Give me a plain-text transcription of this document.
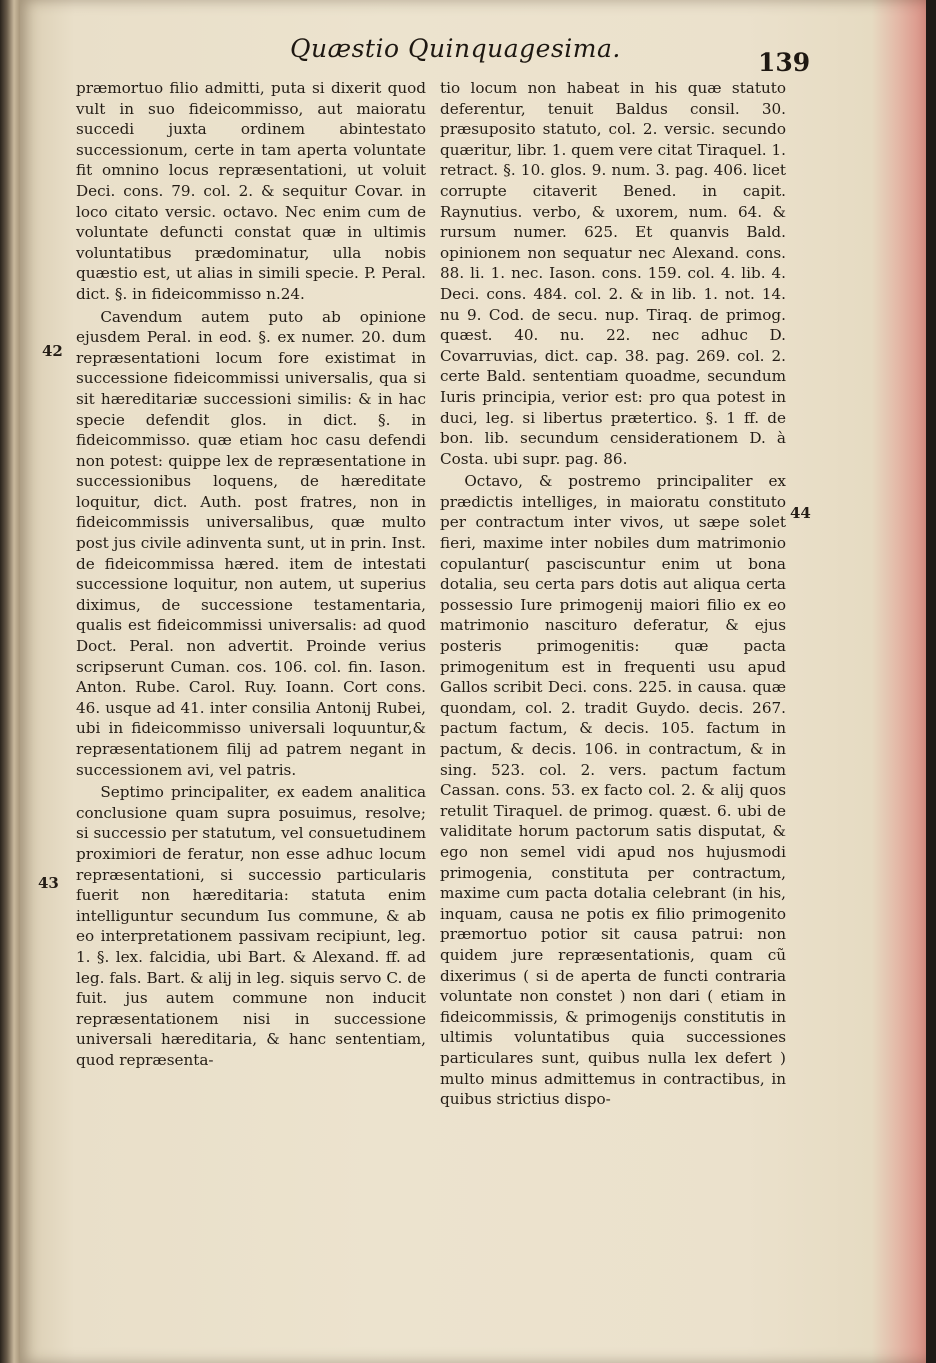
Quæstio Quinquagesima.	139

præmortuo filio admitti, puta si dixerit quod vult in suo fideicommisso, aut maioratu succedi juxta ordinem abintestato successionum, certe in tam aperta voluntate fit omnino locus repræsentationi, ut voluit Deci. cons. 79. col. 2. & sequitur Covar. in loco citato versic. octavo. Nec enim cum de voluntate defuncti constat quæ in ultimis voluntatibus prædominatur, ulla nobis quæstio est, ut alias in simili specie. P. Peral. dict. §. in fideicommisso n.24.

Cavendum autem puto ab opinione ejusdem Peral. in eod. §. ex numer. 20. dum repræsentationi locum fore existimat in successione fideicommissi universalis, qua si sit hæreditariæ successioni similis: & in hac specie defendit glos. in dict. §. in fideicommisso. quæ etiam hoc casu defendi non potest: quippe lex de repræsentatione in successionibus loquens, de hæreditate loquitur, dict. Auth. post fratres, non in fideicommissis universalibus, quæ multo post jus civile adinventa sunt, ut in prin. Inst. de fideicommissa hæred. item de intestati successione loquitur, non autem, ut superius diximus, de successione testamentaria, qualis est fideicommissi universalis: ad quod Doct. Peral. non advertit. Proinde verius scripserunt Cuman. cos. 106. col. fin. Iason. Anton. Rube. Carol. Ruy. Ioann. Cort cons. 46. usque ad 41. inter consilia Antonij Rubei, ubi in fideicommisso universali loquuntur,& repræsentationem filij ad patrem negant in successionem avi, vel patris.

Septimo principaliter, ex eadem analitica conclusione quam supra posuimus, resolve; si successio per statutum, vel consuetudinem proximiori de feratur, non esse adhuc locum repræsentationi, si successio particularis fuerit non hæreditaria: statuta enim intelliguntur secundum Ius commune, & ab eo interpretationem passivam recipiunt, leg. 1. §. lex. falcidia, ubi Bart. & Alexand. ff. ad leg. fals. Bart. & alij in leg. siquis servo C. de fuit. jus autem commune non inducit repræsentationem nisi in successione universali hæreditaria, & hanc sententiam, quod repræsenta-

tio locum non habeat in his quæ statuto deferentur, tenuit Baldus consil. 30. præsuposito statuto, col. 2. versic. secundo quæritur, libr. 1. quem vere citat Tiraquel. 1. retract. §. 10. glos. 9. num. 3. pag. 406. licet corrupte citaverit Bened. in capit. Raynutius. verbo, & uxorem, num. 64. & rursum numer. 625. Et quanvis Bald. opinionem non sequatur nec Alexand. cons. 88. li. 1. nec. Iason. cons. 159. col. 4. lib. 4. Deci. cons. 484. col. 2. & in lib. 1. not. 14. nu 9. Cod. de secu. nup. Tiraq. de primog. quæst. 40. nu. 22. nec adhuc D. Covarruvias, dict. cap. 38. pag. 269. col. 2. certe Bald. sententiam quoadme, secundum Iuris principia, verior est: pro qua potest in duci, leg. si libertus prætertico. §. 1 ff. de bon. lib. secundum censiderationem D. à Costa. ubi supr. pag. 86.

Octavo, & postremo principaliter ex prædictis intelliges, in maioratu constituto per contractum inter vivos, ut sæpe solet fieri, maxime inter nobiles dum matrimonio copulantur( pasciscuntur enim ut bona dotalia, seu certa pars dotis aut aliqua certa possessio Iure primogenij maiori filio ex eo matrimonio nascituro deferatur, & ejus posteris primogenitis: quæ pacta primogenitum est in frequenti usu apud Gallos scribit Deci. cons. 225. in causa. quæ quondam, col. 2. tradit Guydo. decis. 267. pactum factum, & decis. 105. factum in pactum, & decis. 106. in contractum, & in sing. 523. col. 2. vers. pactum factum Cassan. cons. 53. ex facto col. 2. & alij quos retulit Tiraquel. de primog. quæst. 6. ubi de validitate horum pactorum satis disputat, & ego non semel vidi apud nos hujusmodi primogenia, constituta per contractum, maxime cum pacta dotalia celebrant (in his, inquam, causa ne potis ex filio primogenito præmortuo potior sit causa patrui: non quidem jure repræsentationis, quam cũ dixerimus ( si de aperta de functi contraria voluntate non constet ) non dari ( etiam in fideicommissis, & primogenijs constitutis in ultimis voluntatibus quia successiones particulares sunt, quibus nulla lex defert ) multo minus admittemus in contractibus, in quibus strictius dispo-

42
43
44
